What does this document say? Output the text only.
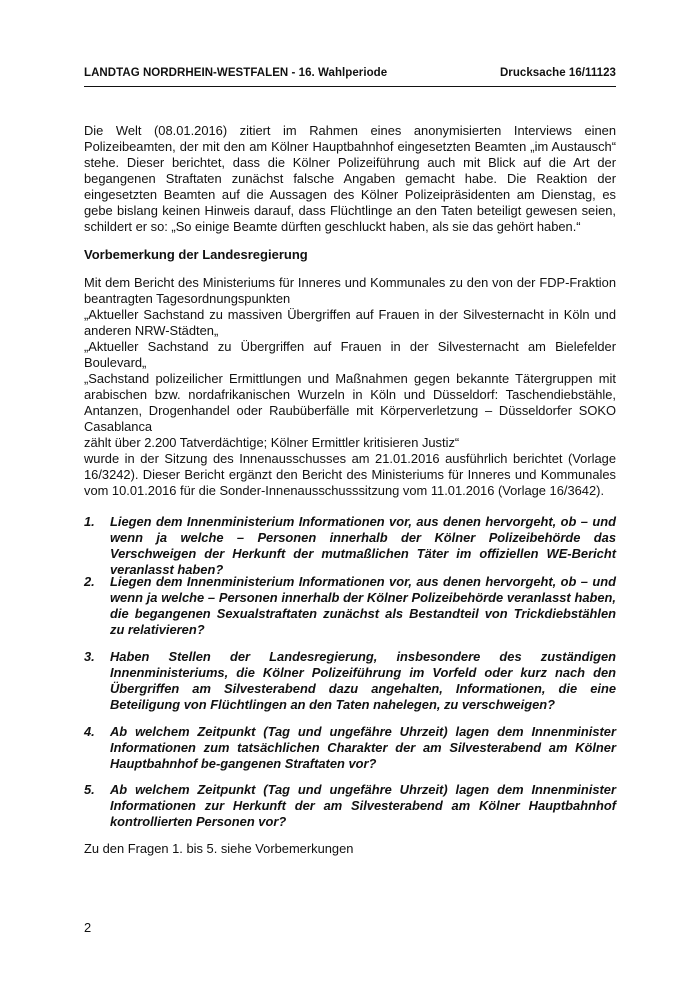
LANDTAG NORDRHEIN-WESTFALEN - 16. Wahlperiode	Drucksache 16/11123
Die Welt (08.01.2016) zitiert im Rahmen eines anonymisierten Interviews einen Polizeibeamten, der mit den am Kölner Hauptbahnhof eingesetzten Beamten „im Austausch“ stehe. Dieser berichtet, dass die Kölner Polizeiführung auch mit Blick auf die Art der begangenen Straftaten zunächst falsche Angaben gemacht habe. Die Reaktion der eingesetzten Beamten auf die Aussagen des Kölner Polizeipräsidenten am Dienstag, es gebe bislang keinen Hinweis darauf, dass Flüchtlinge an den Taten beteiligt gewesen seien, schildert er so: „So einige Beamte dürften geschluckt haben, als sie das gehört haben.“
Vorbemerkung der Landesregierung
Mit dem Bericht des Ministeriums für Inneres und Kommunales zu den von der FDP-Fraktion beantragten Tagesordnungspunkten
„Aktueller Sachstand zu massiven Übergriffen auf Frauen in der Silvesternacht in Köln und anderen NRW-Städten„
„Aktueller Sachstand zu Übergriffen auf Frauen in der Silvesternacht am Bielefelder Boulevard„
„Sachstand polizeilicher Ermittlungen und Maßnahmen gegen bekannte Tätergruppen mit arabischen bzw. nordafrikanischen Wurzeln in Köln und Düsseldorf: Taschendiebstähle, Antanzen, Drogenhandel oder Raubüberfälle mit Körperverletzung – Düsseldorfer SOKO Casablanca
zählt über 2.200 Tatverdächtige; Kölner Ermittler kritisieren Justiz“
wurde in der Sitzung des Innenausschusses am 21.01.2016 ausführlich berichtet (Vorlage 16/3242). Dieser Bericht ergänzt den Bericht des Ministeriums für Inneres und Kommunales vom 10.01.2016 für die Sonder-Innenausschusssitzung vom 11.01.2016 (Vorlage 16/3642).
1.	Liegen dem Innenministerium Informationen vor, aus denen hervorgeht, ob – und wenn ja welche – Personen innerhalb der Kölner Polizeibehörde das Verschweigen der Herkunft der mutmaßlichen Täter im offiziellen WE-Bericht veranlasst haben?
2.	Liegen dem Innenministerium Informationen vor, aus denen hervorgeht, ob – und wenn ja welche – Personen innerhalb der Kölner Polizeibehörde veranlasst haben, die begangenen Sexualstraftaten zunächst als Bestandteil von Trickdiebstählen zu relativieren?
3.	Haben Stellen der Landesregierung, insbesondere des zuständigen Innenministeriums, die Kölner Polizeiführung im Vorfeld oder kurz nach den Übergriffen am Silvesterabend dazu angehalten, Informationen, die eine Beteiligung von Flüchtlingen an den Taten nahelegen, zu verschweigen?
4.	Ab welchem Zeitpunkt (Tag und ungefähre Uhrzeit) lagen dem Innenminister Informationen zum tatsächlichen Charakter der am Silvesterabend am Kölner Hauptbahnhof be-gangenen Straftaten vor?
5.	Ab welchem Zeitpunkt (Tag und ungefähre Uhrzeit) lagen dem Innenminister Informationen zur Herkunft der am Silvesterabend am Kölner Hauptbahnhof kontrollierten Personen vor?
Zu den Fragen 1. bis 5. siehe Vorbemerkungen
2
